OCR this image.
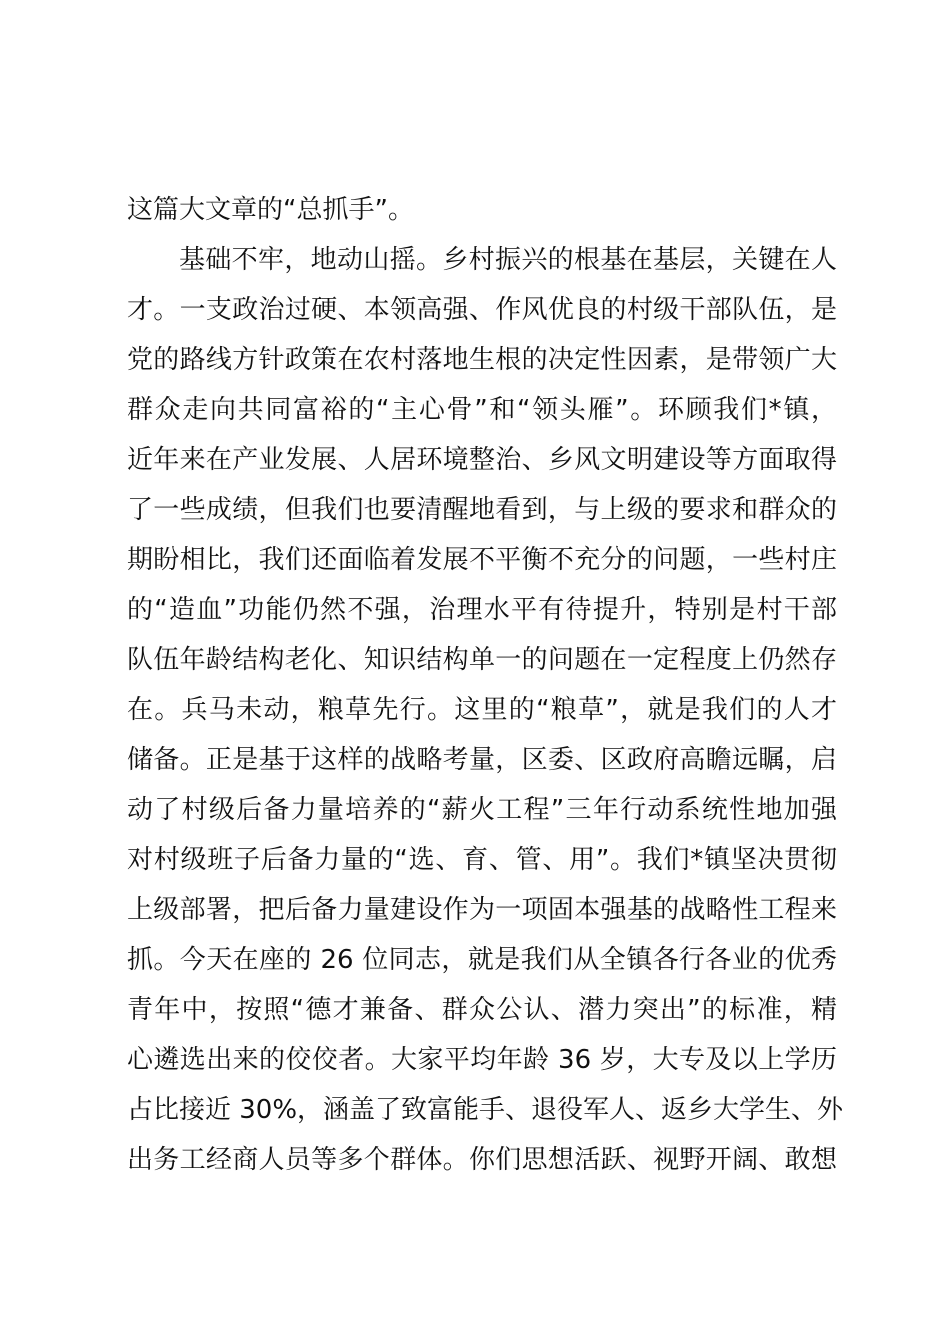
这篇大文章的“总抓手”。
基础不牢，地动山摇。乡村振兴的根基在基层，关键在人
才。一支政治过硬、本领高强、作风优良的村级干部队伍，是
党的路线方针政策在农村落地生根的决定性因素，是带领广大
群众走向共同富裕的“主心骨”和“领头雁”。环顾我们*镇，
近年来在产业发展、人居环境整治、乡风文明建设等方面取得
了一些成绩，但我们也要清醒地看到，与上级的要求和群众的
期盼相比，我们还面临着发展不平衡不充分的问题，一些村庄
的“造血”功能仍然不强，治理水平有待提升，特别是村干部
队伍年龄结构老化、知识结构单一的问题在一定程度上仍然存
在。兵马未动，粮草先行。这里的“粮草”，就是我们的人才
储备。正是基于这样的战略考量，区委、区政府高瞻远瞩，启
动了村级后备力量培养的“薪火工程”三年行动系统性地加强
对村级班子后备力量的“选、育、管、用”。我们*镇坚决贯彻
上级部署，把后备力量建设作为一项固本强基的战略性工程来
抓。今天在座的 26 位同志，就是我们从全镇各行各业的优秀
青年中，按照“德才兼备、群众公认、潜力突出”的标准，精
心遴选出来的佼佼者。大家平均年龄 36 岁，大专及以上学历
占比接近 30%，涵盖了致富能手、退役军人、返乡大学生、外
出务工经商人员等多个群体。你们思想活跃、视野开阔、敢想
